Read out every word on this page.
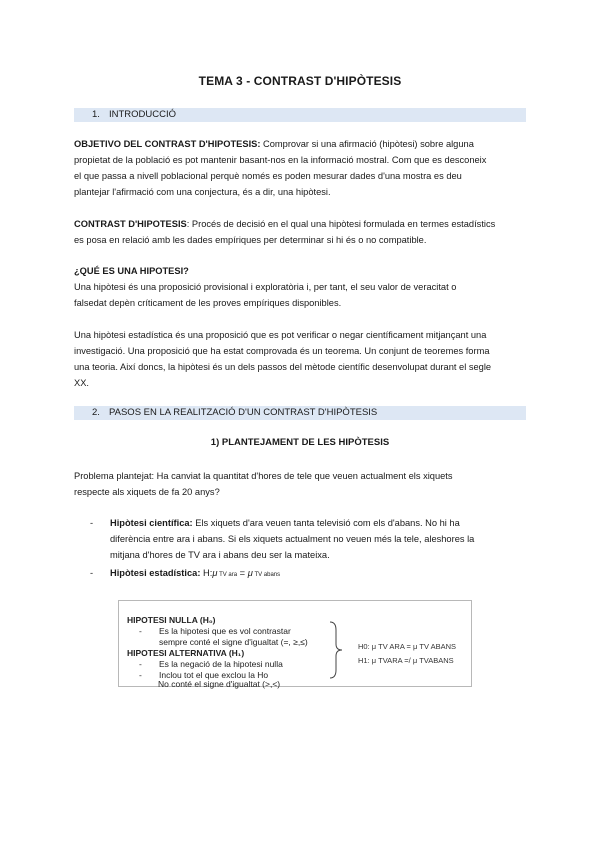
TEMA 3 - CONTRAST D'HIPÒTESIS
1. INTRODUCCIÓ
OBJETIVO DEL CONTRAST D'HIPOTESIS: Comprovar si una afirmació (hipòtesi) sobre alguna
propietat de la població es pot mantenir basant-nos en la informació mostral. Com que es desconeix
el que passa a nivell poblacional perquè només es poden mesurar dades d'una mostra es deu
plantejar l'afirmació com una conjectura, és a dir, una hipòtesi.
CONTRAST D'HIPOTESIS: Procés de decisió en el qual una hipòtesi formulada en termes estadístics
es posa en relació amb les dades empíriques per determinar si hi és o no compatible.
¿QUÉ ES UNA HIPOTESI?
Una hipòtesi és una proposició provisional i exploratòria i, per tant, el seu valor de veracitat o
falsedat depèn críticament de les proves empíriques disponibles.
Una hipòtesi estadística és una proposició que es pot verificar o negar científicament mitjançant una
investigació. Una proposició que ha estat comprovada és un teorema. Un conjunt de teoremes forma
una teoria. Així doncs, la hipòtesi és un dels passos del mètode científic desenvolupat durant el segle
XX.
2. PASOS EN LA REALITZACIÓ D'UN CONTRAST D'HIPÒTESIS
1) PLANTEJAMENT DE LES HIPÒTESIS
Problema plantejat: Ha canviat la quantitat d'hores de tele que veuen actualment els xiquets
respecte als xiquets de fa 20 anys?
- Hipòtesi científica: Els xiquets d'ara veuen tanta televisió com els d'abans. No hi ha
diferència entre ara i abans. Si els xiquets actualment no veuen més la tele, aleshores la
mitjana d'hores de TV ara i abans deu ser la mateixa.
- Hipòtesi estadística: H:μ TV ara = μ TV abans
HIPOTESI NULLA (H₀)
- Es la hipotesi que es vol contrastar
sempre conté el signe d'igualtat (=, ≥,≤)
HIPOTESI ALTERNATIVA (H₁)
- Es la negació de la hipotesi nulla
- Inclou tot el que exclou la Ho
No conté el signe d'igualtat (>,<)
H0: μ TV ARA = μ TV ABANS
H1: μ TVARA =/ μ TVABANS
